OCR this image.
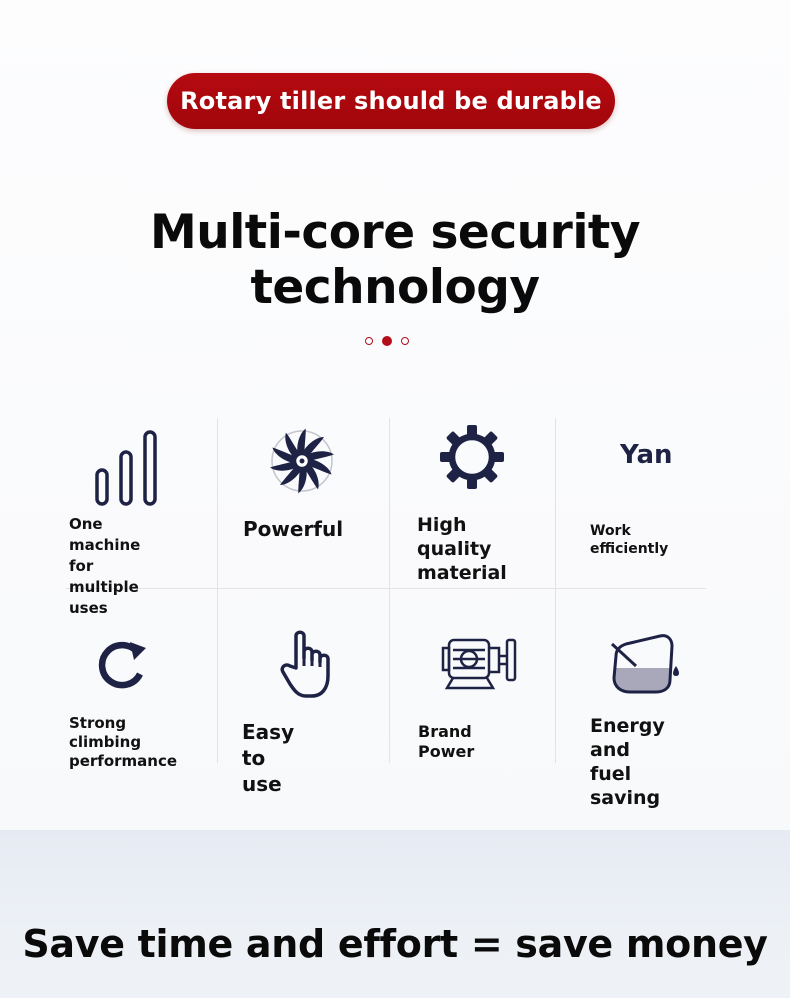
Rotary tiller should be durable
Multi-core security technology
One machine for
multiple uses
Powerful	High quality
material
Yan
Work efficiently
Strong climbing
performance
Easy to use
Brand Power
Energy and
fuel saving
Save time and effort = save money
